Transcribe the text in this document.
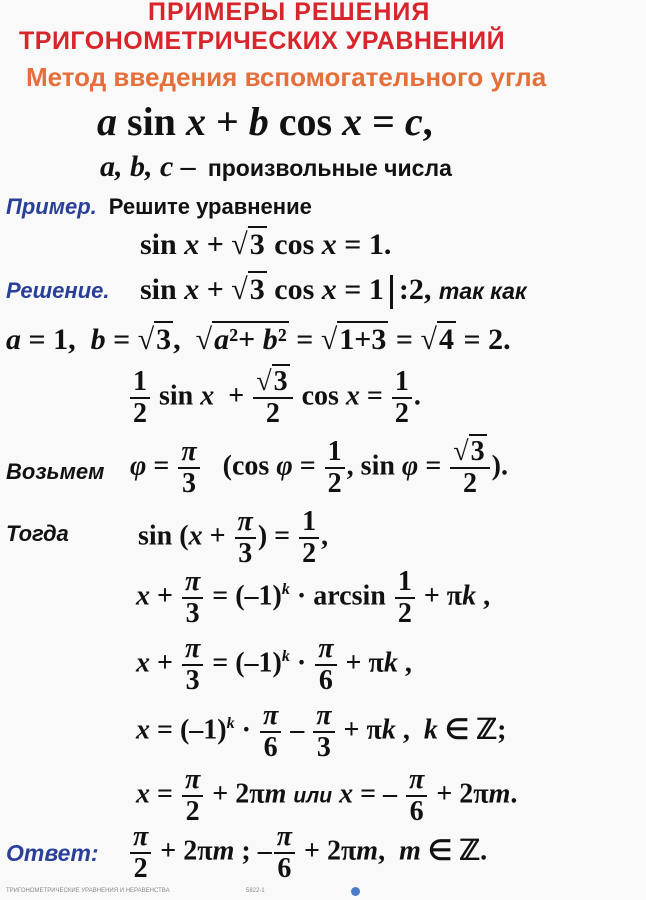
ПРИМЕРЫ РЕШЕНИЯ
ТРИГОНОМЕТРИЧЕСКИХ УРАВНЕНИЙ
Метод введения вспомогательного угла
a sin x + b cos x = c,
a, b, c – произвольные числа
Пример. Решите уравнение
sin x + √3 cos x = 1.
Решение. sin x + √3 cos x = 1 :2, так как
a = 1,  b = √3,  √a²+ b² = √1+3 = √4 = 2.
$\frac{1}{2}$ $\sin x + \frac{√3}{2}$ $\cos x = \frac{1}{2}$ .
Возьмем $\varphi = \frac{\pi}{3} (\cos$ $\varphi = \frac{1}{2}$ , $\sin \varphi = \frac{√3}{2}$ ).
Тогда $\sin (x + \frac{\pi}{3}$ ) = $\frac{1}{2}$ ,
$x + \frac{\pi}{3} = (-1)^k \cdot \arcsin \frac{1}{2} + \pi k$ ,
$x + \frac{\pi}{3} = (-1)^k \cdot \frac{\pi}{6} + \pi k$ ,
$x = (-1)^k \cdot \frac{\pi}{6} - \frac{\pi}{3} + \pi k$ ,  k ∈ ℤ;
$x = \frac{\pi}{2} + 2\pi m$ или x = – $\frac{\pi}{6} + 2\pi m$.
Ответ: $\frac{\pi}{2} + 2\pi m$ ; – $\frac{\pi}{6} + 2\pi m$,  m ∈ ℤ.
ТРИГОНОМЕТРИЧЕСКИЕ УРАВНЕНИЯ И НЕРАВЕНСТВА	5822-1
